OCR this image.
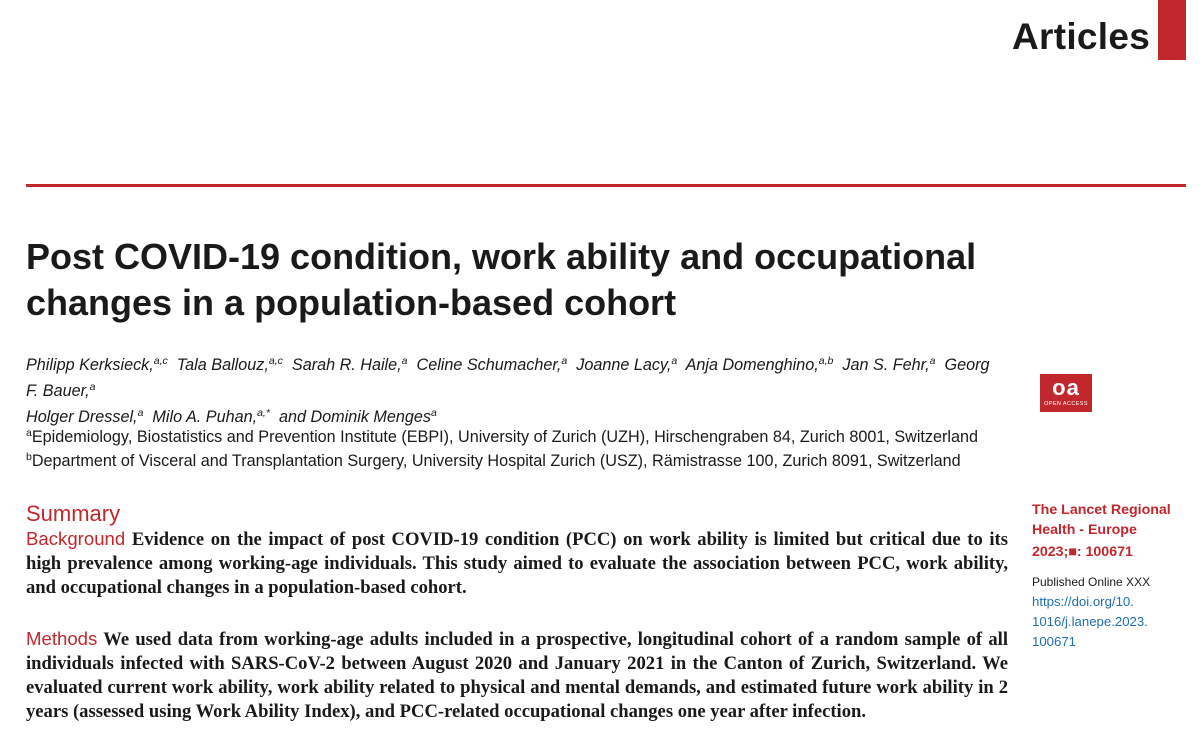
Articles
Post COVID-19 condition, work ability and occupational
changes in a population-based cohort
Philipp Kerksieck,$^{a,c}$ Tala Ballouz,$^{a,c}$ Sarah R. Haile,$^a$ Celine Schumacher,$^a$ Joanne Lacy,$^a$ Anja Domenghino,$^{a,b}$ Jan S. Fehr,$^a$ Georg F. Bauer,$^a$
Holger Dressel,$^a$ Milo A. Puhan,$^{a,*}$ and Dominik Menges$^a$
oa
OPEN ACCESS
$^a$Epidemiology, Biostatistics and Prevention Institute (EBPI), University of Zurich (UZH), Hirschengraben 84, Zurich 8001, Switzerland
$^b$Department of Visceral and Transplantation Surgery, University Hospital Zurich (USZ), Rämistrasse 100, Zurich 8091, Switzerland
Summary

Background Evidence on the impact of post COVID-19 condition (PCC) on work ability is limited but critical due to its high prevalence among working-age individuals. This study aimed to evaluate the association between PCC, work ability, and occupational changes in a population-based cohort.

Methods We used data from working-age adults included in a prospective, longitudinal cohort of a random sample of all individuals infected with SARS-CoV-2 between August 2020 and January 2021 in the Canton of Zurich, Switzerland. We evaluated current work ability, work ability related to physical and mental demands, and estimated future work ability in 2 years (assessed using Work Ability Index), and PCC-related occupational changes one year after infection.

The Lancet Regional Health - Europe
2023;■: 100671
Published Online XXX
https://doi.org/10.
1016/j.lanepe.2023.
100671
